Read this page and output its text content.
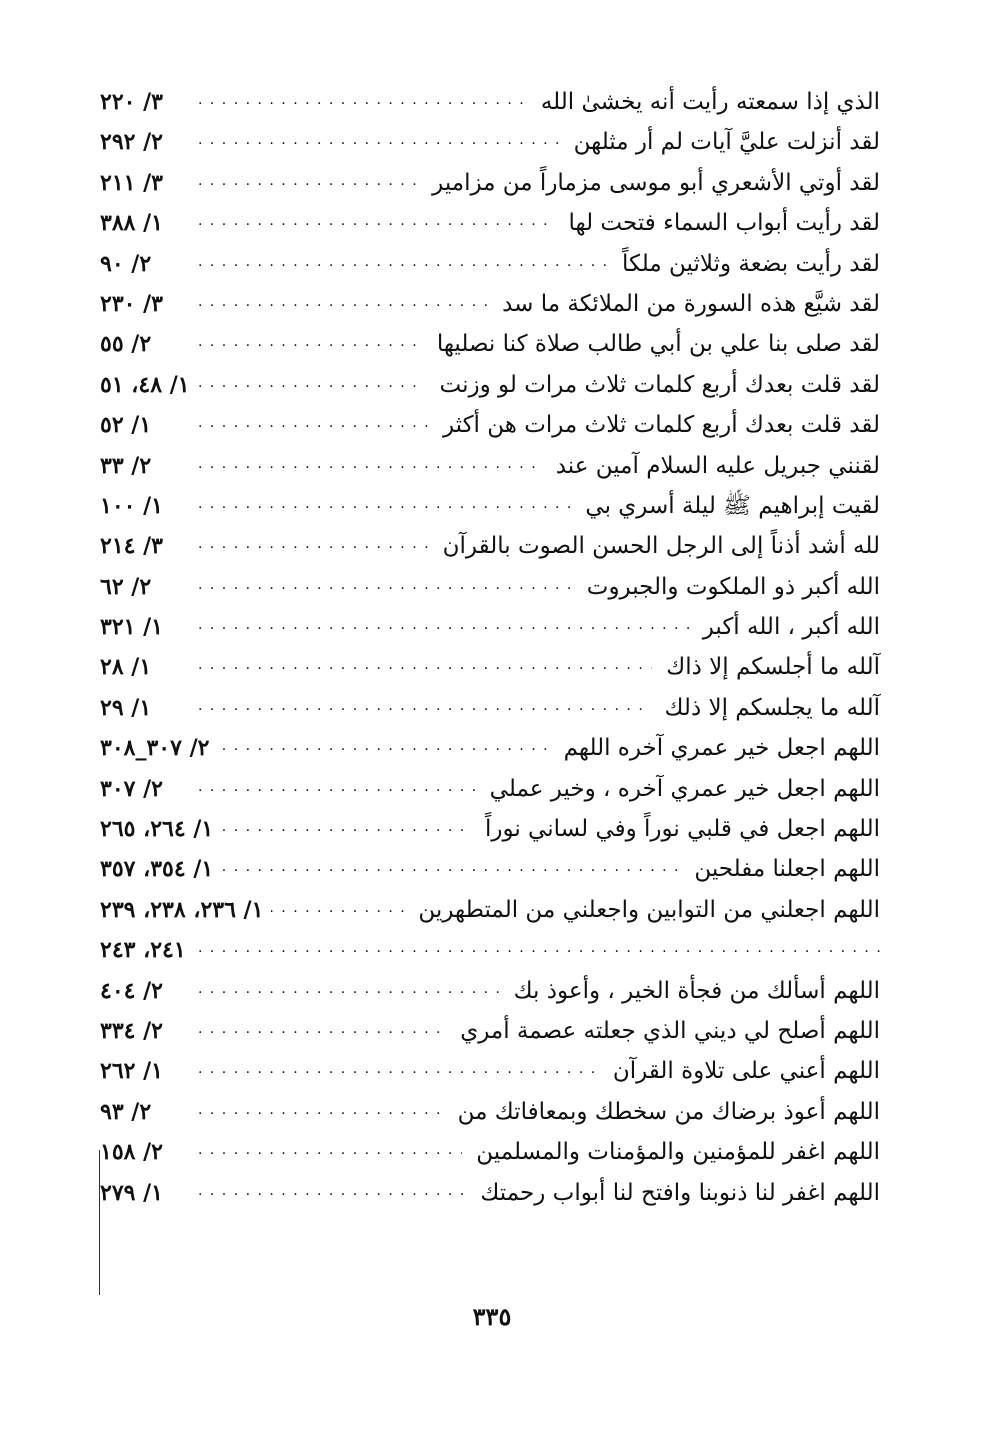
. . .
الذي إذا سمعته رأيت أنه يخشىٰ الله
٣/ ٢٢٠
. . .
لقد أنزلت عليَّ آيات لم أر مثلهن
٢/ ٢٩٢
. . .
لقد أوتي الأشعري أبو موسى مزماراً من مزامير
٣/ ٢١١
. . .
لقد رأيت أبواب السماء فتحت لها
١/ ٣٨٨
. . .
لقد رأيت بضعة وثلاثين ملكاً
٢/ ٩٠
. . .
لقد شيَّع هذه السورة من الملائكة ما سد
٣/ ٢٣٠
. . .
لقد صلى بنا علي بن أبي طالب صلاة كنا نصليها
٢/ ٥٥
. . .
لقد قلت بعدك أربع كلمات ثلاث مرات لو وزنت
١/ ٤٨، ٥١
. . .
لقد قلت بعدك أربع كلمات ثلاث مرات هن أكثر
١/ ٥٢
. . .
لقنني جبريل عليه السلام آمين عند
٢/ ٣٣
. . .
لقيت إبراهيم ﷺ ليلة أسري بي
١/ ١٠٠
. . .
لله أشد أذناً إلى الرجل الحسن الصوت بالقرآن
٣/ ٢١٤
. . .
الله أكبر ذو الملكوت والجبروت
٢/ ٦٢
. . .
الله أكبر ، الله أكبر
١/ ٣٢١
. . .
آلله ما أجلسكم إلا ذاك
١/ ٢٨
. . .
آلله ما يجلسكم إلا ذلك
١/ ٢٩
. . .
اللهم اجعل خير عمري آخره اللهم
٢/ ٣٠٧_٣٠٨
. . .
اللهم اجعل خير عمري آخره ، وخير عملي
٢/ ٣٠٧
. . .
اللهم اجعل في قلبي نوراً وفي لساني نوراً
١/ ٢٦٤، ٢٦٥
. . .
اللهم اجعلنا مفلحين
١/ ٣٥٤، ٣٥٧
. . .
اللهم اجعلني من التوابين واجعلني من المتطهرين
١/ ٢٣٦، ٢٣٨، ٢٣٩
. . .
٢٤١، ٢٤٣
. . .
اللهم أسألك من فجأة الخير ، وأعوذ بك
٢/ ٤٠٤
. . .
اللهم أصلح لي ديني الذي جعلته عصمة أمري
٢/ ٣٣٤
. . .
اللهم أعني على تلاوة القرآن
١/ ٢٦٢
. . .
اللهم أعوذ برضاك من سخطك وبمعافاتك من
٢/ ٩٣
. . .
اللهم اغفر للمؤمنين والمؤمنات والمسلمين
٢/ ١٥٨
. . .
اللهم اغفر لنا ذنوبنا وافتح لنا أبواب رحمتك
١/ ٢٧٩
٣٣٥
